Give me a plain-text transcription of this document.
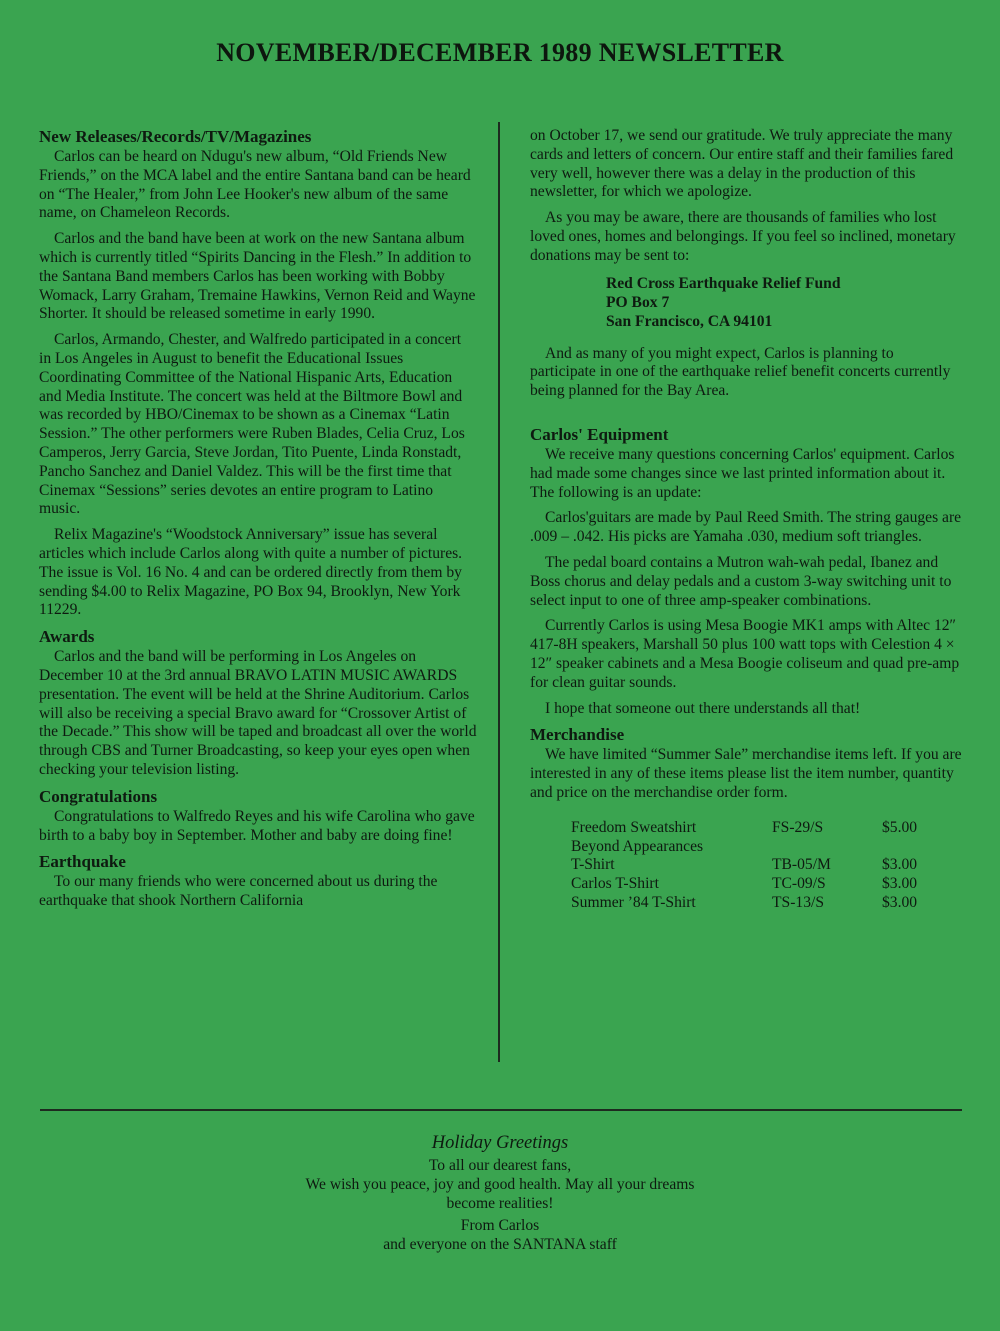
NOVEMBER/DECEMBER 1989 NEWSLETTER
New Releases/Records/TV/Magazines

Carlos can be heard on Ndugu's new album, “Old Friends New Friends,” on the MCA label and the entire Santana band can be heard on “The Healer,” from John Lee Hooker's new album of the same name, on Chameleon Records.

Carlos and the band have been at work on the new Santana album which is currently titled “Spirits Dancing in the Flesh.” In addition to the Santana Band members Carlos has been working with Bobby Womack, Larry Graham, Tremaine Hawkins, Vernon Reid and Wayne Shorter. It should be released sometime in early 1990.

Carlos, Armando, Chester, and Walfredo participated in a concert in Los Angeles in August to benefit the Educational Issues Coordinating Committee of the National Hispanic Arts, Education and Media Institute. The concert was held at the Biltmore Bowl and was recorded by HBO/Cinemax to be shown as a Cinemax “Latin Session.” The other performers were Ruben Blades, Celia Cruz, Los Camperos, Jerry Garcia, Steve Jordan, Tito Puente, Linda Ronstadt, Pancho Sanchez and Daniel Valdez. This will be the first time that Cinemax “Sessions” series devotes an entire program to Latino music.

Relix Magazine's “Woodstock Anniversary” issue has several articles which include Carlos along with quite a number of pictures. The issue is Vol. 16 No. 4 and can be ordered directly from them by sending $4.00 to Relix Magazine, PO Box 94, Brooklyn, New York 11229.

Awards

Carlos and the band will be performing in Los Angeles on December 10 at the 3rd annual BRAVO LATIN MUSIC AWARDS presentation. The event will be held at the Shrine Auditorium. Carlos will also be receiving a special Bravo award for “Crossover Artist of the Decade.” This show will be taped and broadcast all over the world through CBS and Turner Broadcasting, so keep your eyes open when checking your television listing.

Congratulations

Congratulations to Walfredo Reyes and his wife Carolina who gave birth to a baby boy in September. Mother and baby are doing fine!

Earthquake

To our many friends who were concerned about us during the earthquake that shook Northern California

on October 17, we send our gratitude. We truly appreciate the many cards and letters of concern. Our entire staff and their families fared very well, however there was a delay in the production of this newsletter, for which we apologize.

As you may be aware, there are thousands of families who lost loved ones, homes and belongings. If you feel so inclined, monetary donations may be sent to:

Red Cross Earthquake Relief Fund
PO Box 7
San Francisco, CA 94101

And as many of you might expect, Carlos is planning to participate in one of the earthquake relief benefit concerts currently being planned for the Bay Area.

Carlos' Equipment

We receive many questions concerning Carlos' equipment. Carlos had made some changes since we last printed information about it. The following is an update:

Carlos'guitars are made by Paul Reed Smith. The string gauges are .009 – .042. His picks are Yamaha .030, medium soft triangles.

The pedal board contains a Mutron wah-wah pedal, Ibanez and Boss chorus and delay pedals and a custom 3-way switching unit to select input to one of three amp-speaker combinations.

Currently Carlos is using Mesa Boogie MK1 amps with Altec 12″ 417-8H speakers, Marshall 50 plus 100 watt tops with Celestion 4 × 12″ speaker cabinets and a Mesa Boogie coliseum and quad pre-amp for clean guitar sounds.

I hope that someone out there understands all that!

Merchandise

We have limited “Summer Sale” merchandise items left. If you are interested in any of these items please list the item number, quantity and price on the merchandise order form.

Freedom Sweatshirt	FS-29/S	$5.00
Beyond Appearances		
T-Shirt	TB-05/M	$3.00
Carlos T-Shirt	TC-09/S	$3.00
Summer ’84 T-Shirt	TS-13/S	$3.00
Holiday Greetings
To all our dearest fans,
We wish you peace, joy and good health. May all your dreams become realities!
From Carlos
and everyone on the SANTANA staff
